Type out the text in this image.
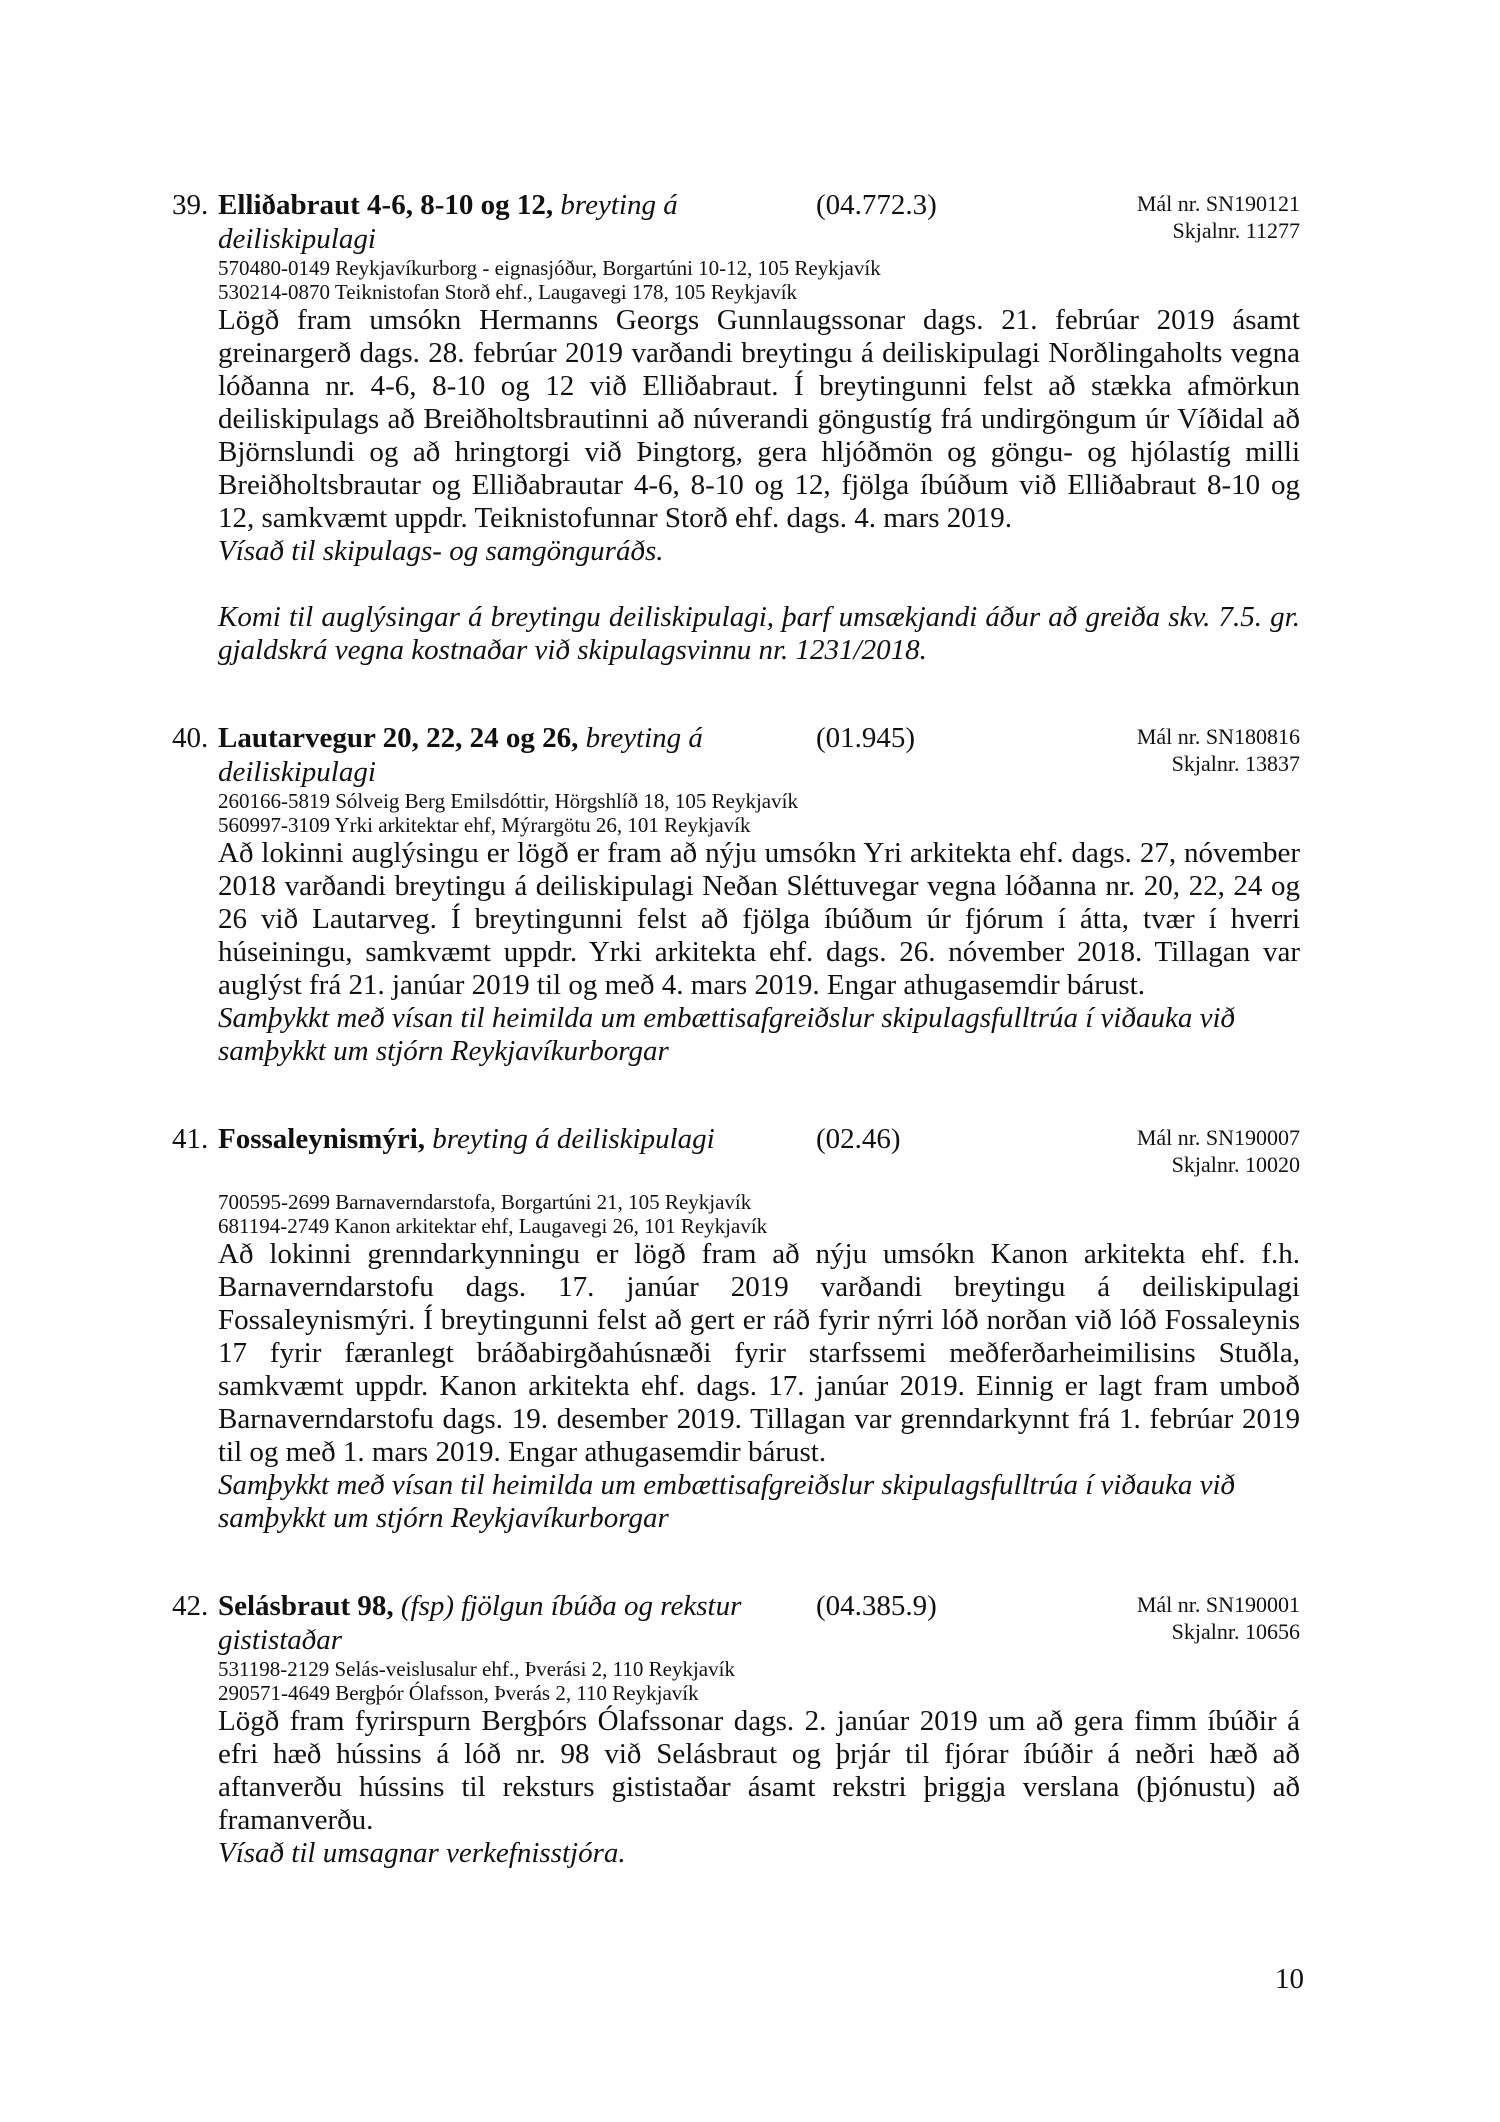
39. Elliðabraut 4-6, 8-10 og 12, breyting á deiliskipulagi
(04.772.3)
570480-0149 Reykjavíkurborg - eignasjóður, Borgartúni 10-12, 105 Reykjavík
530214-0870 Teiknistofan Storð ehf., Laugavegi 178, 105 Reykjavík

Lögð fram umsókn Hermanns Georgs Gunnlaugssonar dags. 21. febrúar 2019 ásamt greinargerð dags. 28. febrúar 2019 varðandi breytingu á deiliskipulagi Norðlingaholts vegna lóðanna nr. 4-6, 8-10 og 12 við Elliðabraut. Í breytingunni felst að stækka afmörkun deiliskipulags að Breiðholtsbrautinni að núverandi göngustíg frá undirgöngum úr Víðidal að Björnslundi og að hringtorgi við Þingtorg, gera hljóðmön og göngu- og hjólastíg milli Breiðholtsbrautar og Elliðabrautar 4-6, 8-10 og 12, fjölga íbúðum við Elliðabraut 8-10 og 12, samkvæmt uppdr. Teiknistofunnar Storð ehf. dags. 4. mars 2019.

Vísað til skipulags- og samgönguráðs.

Komi til auglýsingar á breytingu deiliskipulagi, þarf umsækjandi áður að greiða skv. 7.5. gr. gjaldskrá vegna kostnaðar við skipulagsvinnu nr. 1231/2018.

Mál nr. SN190121
Skjalnr. 11277
40. Lautarvegur 20, 22, 24 og 26, breyting á deiliskipulagi
(01.945)
260166-5819 Sólveig Berg Emilsdóttir, Hörgshlíð 18, 105 Reykjavík
560997-3109 Yrki arkitektar ehf, Mýrargötu 26, 101 Reykjavík

Að lokinni auglýsingu er lögð er fram að nýju umsókn Yri arkitekta ehf. dags. 27, nóvember 2018 varðandi breytingu á deiliskipulagi Neðan Sléttuvegar vegna lóðanna nr. 20, 22, 24 og 26 við Lautarveg. Í breytingunni felst að fjölga íbúðum úr fjórum í átta, tvær í hverri húseiningu, samkvæmt uppdr. Yrki arkitekta ehf. dags. 26. nóvember 2018. Tillagan var auglýst frá 21. janúar 2019 til og með 4. mars 2019. Engar athugasemdir bárust.

Samþykkt með vísan til heimilda um embættisafgreiðslur skipulagsfulltrúa í viðauka við samþykkt um stjórn Reykjavíkurborgar

Mál nr. SN180816
Skjalnr. 13837
41. Fossaleynismýri, breyting á deiliskipulagi	(02.46)
700595-2699 Barnaverndarstofa, Borgartúni 21, 105 Reykjavík
681194-2749 Kanon arkitektar ehf, Laugavegi 26, 101 Reykjavík

Að lokinni grenndarkynningu er lögð fram að nýju umsókn Kanon arkitekta ehf. f.h. Barnaverndarstofu dags. 17. janúar 2019 varðandi breytingu á deiliskipulagi Fossaleynismýri. Í breytingunni felst að gert er ráð fyrir nýrri lóð norðan við lóð Fossaleynis 17 fyrir færanlegt bráðabirgðahúsnæði fyrir starfssemi meðferðarheimilisins Stuðla, samkvæmt uppdr. Kanon arkitekta ehf. dags. 17. janúar 2019. Einnig er lagt fram umboð Barnaverndarstofu dags. 19. desember 2019. Tillagan var grenndarkynnt frá 1. febrúar 2019 til og með 1. mars 2019. Engar athugasemdir bárust.

Samþykkt með vísan til heimilda um embættisafgreiðslur skipulagsfulltrúa í viðauka við samþykkt um stjórn Reykjavíkurborgar

Mál nr. SN190007
Skjalnr. 10020
42. Selásbraut 98, (fsp) fjölgun íbúða og rekstur gististaðar
(04.385.9)
531198-2129 Selás-veislusalur ehf., Þverási 2, 110 Reykjavík
290571-4649 Bergþór Ólafsson, Þverás 2, 110 Reykjavík

Lögð fram fyrirspurn Bergþórs Ólafssonar dags. 2. janúar 2019 um að gera fimm íbúðir á efri hæð hússins á lóð nr. 98 við Selásbraut og þrjár til fjórar íbúðir á neðri hæð að aftanverðu hússins til reksturs gististaðar ásamt rekstri þriggja verslana (þjónustu) að framanverðu.

Vísað til umsagnar verkefnisstjóra.

Mál nr. SN190001
Skjalnr. 10656
10
